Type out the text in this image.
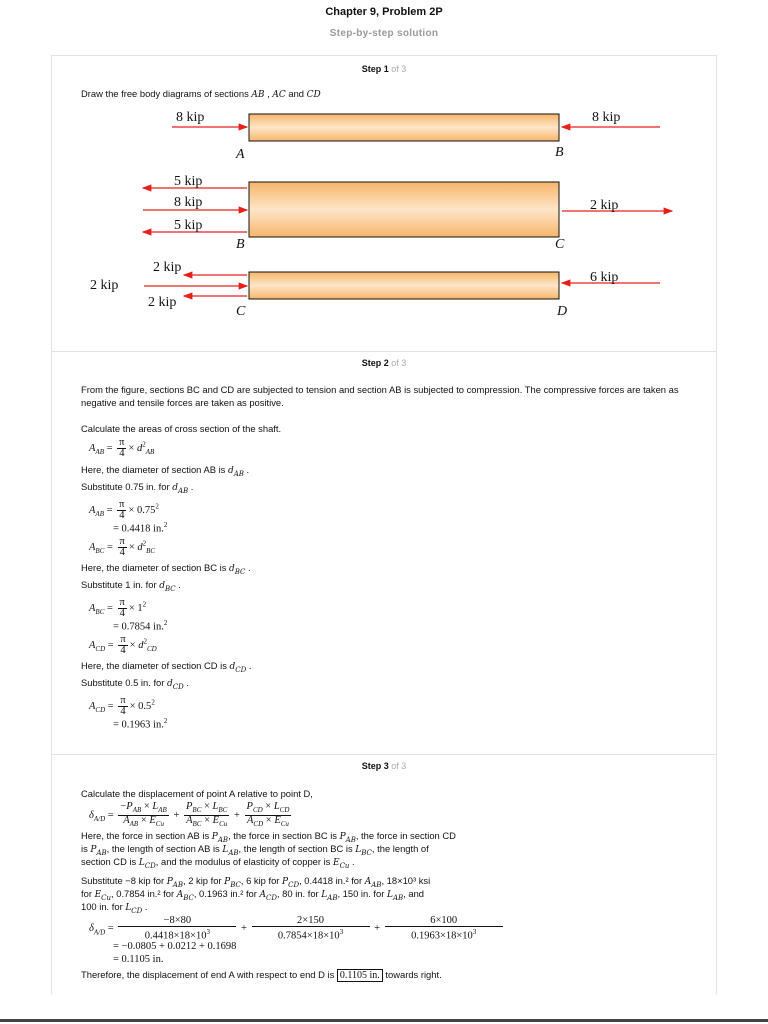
Chapter 9, Problem 2P
Step-by-step solution
Step 1 of 3
Draw the free body diagrams of sections AB , AC and CD
8 kip	8 kip
A	B
5 kip
8 kip
5 kip
2 kip
B	C
2 kip
2 kip
2 kip
6 kip
C	D
Step 2 of 3
From the figure, sections BC and CD are subjected to tension and section AB is subjected to compression. The compressive forces are taken as negative and tensile forces are taken as positive.
Calculate the areas of cross section of the shaft.
$A_{AB} = \frac{\pi}{4} \times d^2_{AB}$
Here, the diameter of section AB is $d_{AB}$ .
Substitute 0.75 in. for $d_{AB}$ .
$A_{AB} = \frac{\pi}{4} \times 0.75^2$
= 0.4418 in.$^2$
$A_{BC} = \frac{\pi}{4} \times d^2_{BC}$
Here, the diameter of section BC is $d_{BC}$ .
Substitute 1 in. for $d_{BC}$ .
$A_{BC} = \frac{\pi}{4} \times 1^2$
= 0.7854 in.$^2$
$A_{CD} = \frac{\pi}{4} \times d^2_{CD}$
Here, the diameter of section CD is $d_{CD}$ .
Substitute 0.5 in. for $d_{CD}$ .
$A_{CD} = \frac{\pi}{4} \times 0.5^2$
= 0.1963 in.$^2$
Step 3 of 3
Calculate the displacement of point A relative to point D,
$\delta_{A/D} = \frac{-P_{AB} \times L_{AB}}{A_{AB} \times E_{Cu}} + \frac{P_{BC} \times L_{BC}}{A_{BC} \times E_{Cu}} + \frac{P_{CD} \times L_{CD}}{A_{CD} \times E_{Cu}}$
Here, the force in section AB is $P_{AB}$, the force in section BC is $P_{AB}$, the force in section CD
is $P_{AB}$, the length of section AB is $L_{AB}$, the length of section BC is $L_{BC}$, the length of
section CD is $L_{CD}$, and the modulus of elasticity of copper is $E_{Cu}$ .
Substitute −8 kip for $P_{AB}$, 2 kip for $P_{BC}$, 6 kip for $P_{CD}$, 0.4418 in.² for $A_{AB}$, 18×10³ ksi
for $E_{Cu}$, 0.7854 in.² for $A_{BC}$, 0.1963 in.² for $A_{CD}$, 80 in. for $L_{AB}$, 150 in. for $L_{AB}$, and
100 in. for $L_{CD}$ .
$\delta_{A/D} = \frac{-8\times 80}{0.4418\times 18\times 10^3} + \frac{2\times 150}{0.7854\times 18\times 10^3} + \frac{6\times 100}{0.1963\times 18\times 10^3}$
= −0.0805 + 0.0212 + 0.1698
= 0.1105 in.
Therefore, the displacement of end A with respect to end D is 0.1105 in. towards right.
